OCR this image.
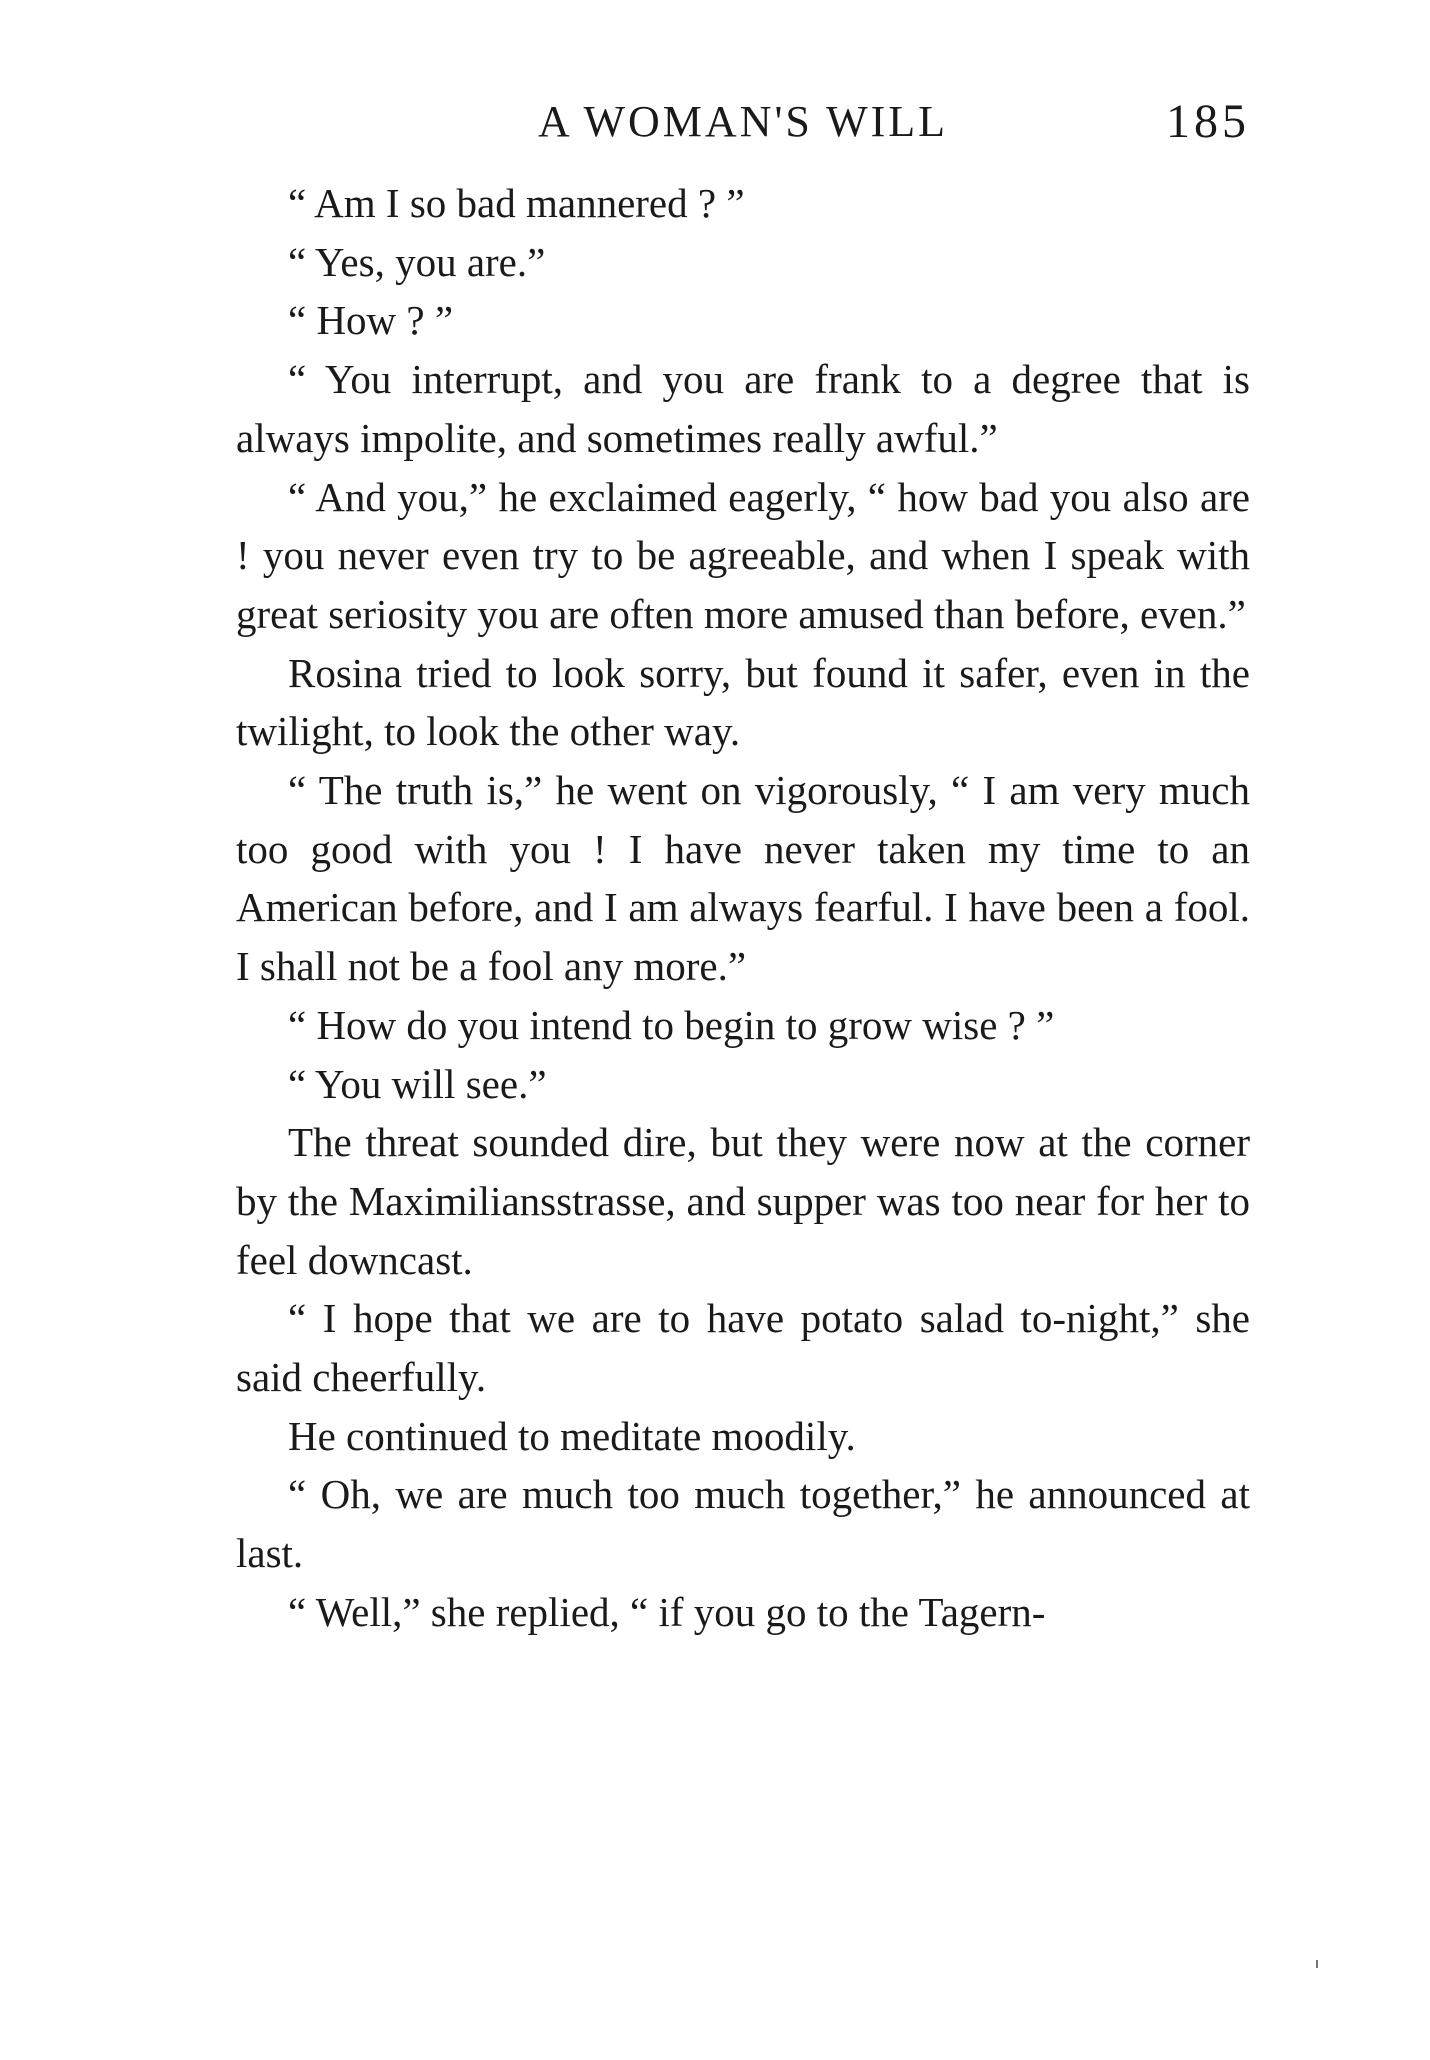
A WOMAN'S WILL	185

“ Am I so bad mannered ? ”

“ Yes, you are.”

“ How ? ”

“ You interrupt, and you are frank to a degree that is always impolite, and sometimes really awful.”

“ And you,” he exclaimed eagerly, “ how bad you also are ! you never even try to be agreeable, and when I speak with great seriosity you are often more amused than before, even.”

Rosina tried to look sorry, but found it safer, even in the twilight, to look the other way.

“ The truth is,” he went on vigorously, “ I am very much too good with you ! I have never taken my time to an American before, and I am always fearful. I have been a fool. I shall not be a fool any more.”

“ How do you intend to begin to grow wise ? ”

“ You will see.”

The threat sounded dire, but they were now at the corner by the Maximiliansstrasse, and supper was too near for her to feel downcast.

“ I hope that we are to have potato salad to-night,” she said cheerfully.

He continued to meditate moodily.

“ Oh, we are much too much together,” he announced at last.

“ Well,” she replied, “ if you go to the Tagern-
